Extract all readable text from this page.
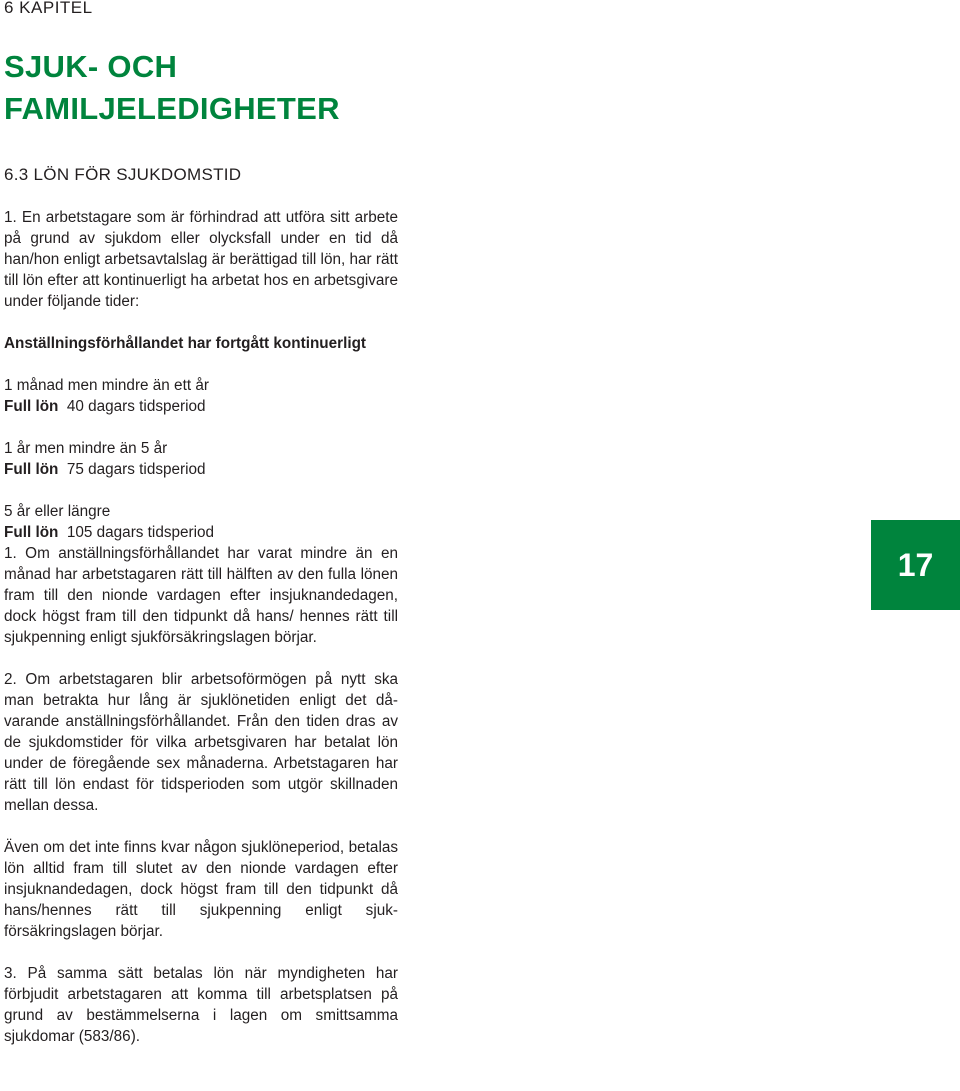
6 KAPITEL
SJUK- OCH
FAMILJELEDIGHETER
6.3 LÖN FÖR SJUKDOMSTID

1. En arbetstagare som är förhindrad att utföra sitt arbete på grund av sjukdom eller olycksfall under en tid då han/hon enligt arbetsavtalslag är berättigad till lön, har rätt till lön efter att kontinuerligt ha arbetat hos en arbetsgivare under följande tider:

Anställningsförhållandet har fortgått kontinuerligt

1 månad men mindre än ett år
Full lön 40 dagars tidsperiod
1 år men mindre än 5 år
Full lön 75 dagars tidsperiod
5 år eller längre
Full lön 105 dagars tidsperiod

1. Om anställningsförhållandet har varat mindre än en månad har arbetstagaren rätt till hälften av den fulla lönen fram till den nionde vardagen efter insjuknandedagen, dock högst fram till den tidpunkt då hans/ hennes rätt till sjukpenning enligt sjukförsäkringslagen börjar.

2. Om arbetstagaren blir arbetsoförmögen på nytt ska man betrakta hur lång är sjuklönetiden enligt det dåvarande anställningsförhållandet. Från den tiden dras av de sjukdomstider för vilka arbetsgivaren har betalat lön under de föregående sex månaderna. Arbetstagaren har rätt till lön endast för tidsperioden som utgör skillnaden mellan dessa.

Även om det inte finns kvar någon sjuklöneperiod, betalas lön alltid fram till slutet av den nionde vardagen efter insjuknandedagen, dock högst fram till den tidpunkt då hans/hennes rätt till sjukpenning enligt sjukförsäkringslagen börjar.

3. På samma sätt betalas lön när myndigheten har förbjudit arbetstagaren att komma till arbetsplatsen på grund av bestämmelserna i lagen om smittsamma sjukdomar (583/86).

17
